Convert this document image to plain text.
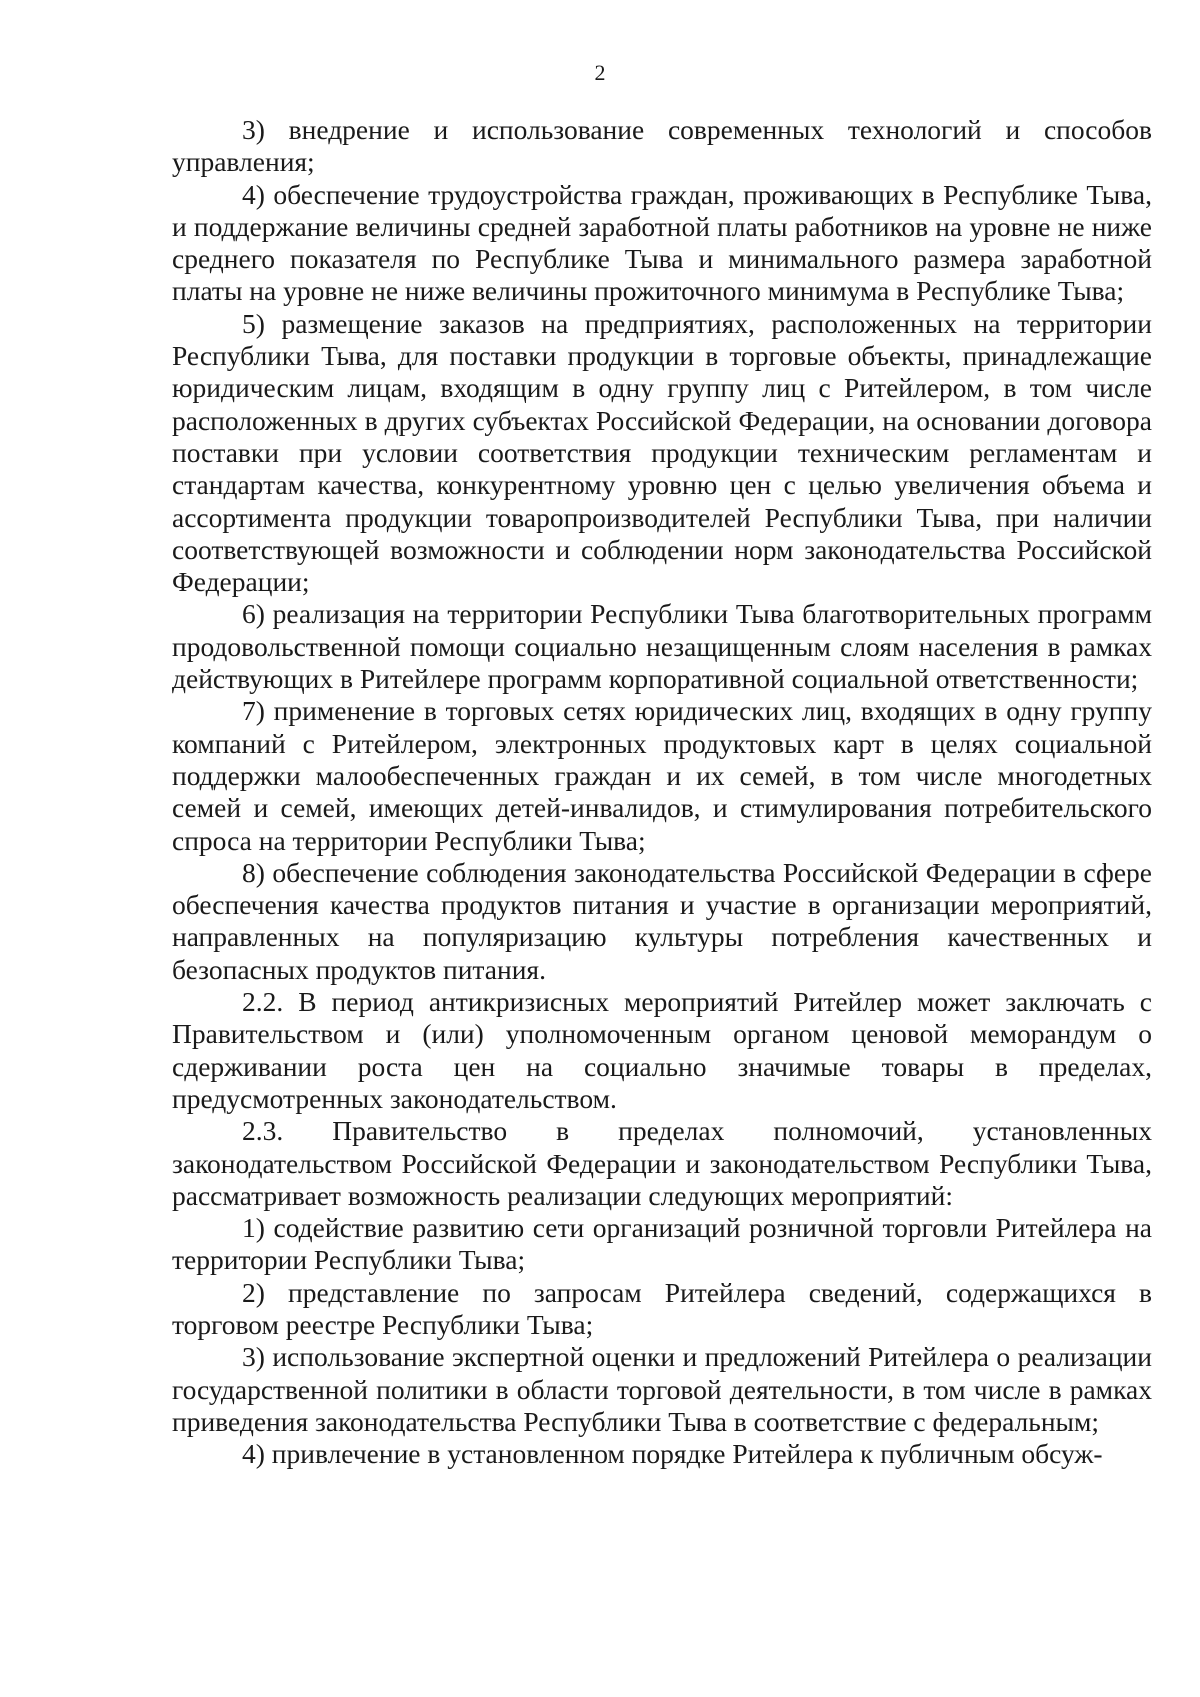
2

3) внедрение и использование современных технологий и способов управления;

4) обеспечение трудоустройства граждан, проживающих в Республике Тыва, и поддержание величины средней заработной платы работников на уровне не ниже среднего показателя по Республике Тыва и минимального размера заработной платы на уровне не ниже величины прожиточного минимума в Республике Тыва;

5) размещение заказов на предприятиях, расположенных на территории Республики Тыва, для поставки продукции в торговые объекты, принадлежащие юридическим лицам, входящим в одну группу лиц с Ритейлером, в том числе расположенных в других субъектах Российской Федерации, на основании договора поставки при условии соответствия продукции техническим регламентам и стандартам качества, конкурентному уровню цен с целью увеличения объема и ассортимента продукции товаропроизводителей Республики Тыва, при наличии соответствующей возможности и соблюдении норм законодательства Российской Федерации;

6) реализация на территории Республики Тыва благотворительных программ продовольственной помощи социально незащищенным слоям населения в рамках действующих в Ритейлере программ корпоративной социальной ответственности;

7) применение в торговых сетях юридических лиц, входящих в одну группу компаний с Ритейлером, электронных продуктовых карт в целях социальной поддержки малообеспеченных граждан и их семей, в том числе многодетных семей и семей, имеющих детей-инвалидов, и стимулирования потребительского спроса на территории Республики Тыва;

8) обеспечение соблюдения законодательства Российской Федерации в сфере обеспечения качества продуктов питания и участие в организации мероприятий, направленных на популяризацию культуры потребления качественных и безопасных продуктов питания.

2.2. В период антикризисных мероприятий Ритейлер может заключать с Правительством и (или) уполномоченным органом ценовой меморандум о сдерживании роста цен на социально значимые товары в пределах, предусмотренных законодательством.

2.3. Правительство в пределах полномочий, установленных законодательством Российской Федерации и законодательством Республики Тыва, рассматривает возможность реализации следующих мероприятий:

1) содействие развитию сети организаций розничной торговли Ритейлера на территории Республики Тыва;

2) представление по запросам Ритейлера сведений, содержащихся в торговом реестре Республики Тыва;

3) использование экспертной оценки и предложений Ритейлера о реализации государственной политики в области торговой деятельности, в том числе в рамках приведения законодательства Республики Тыва в соответствие с федеральным;

4) привлечение в установленном порядке Ритейлера к публичным обсуж-
